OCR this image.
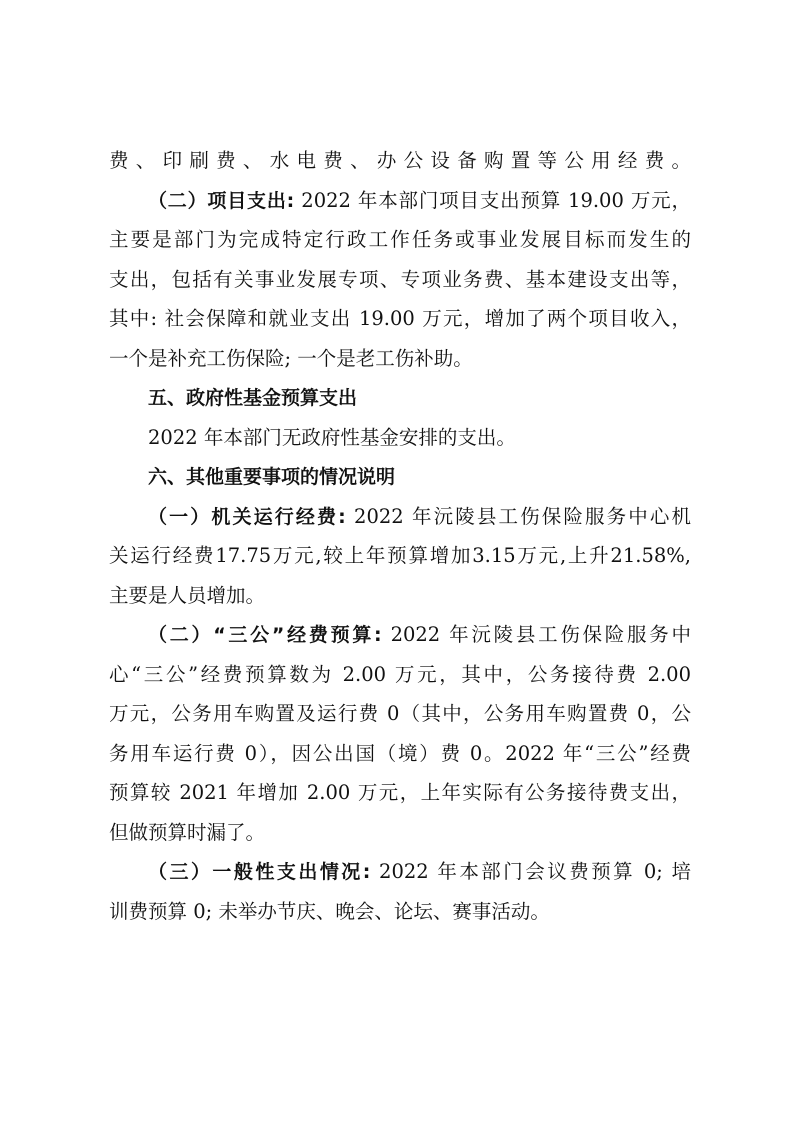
费、印刷费、水电费、办公设备购置等公用经费。
（二）项目支出: 2022 年本部门项目支出预算 19.00 万元，
主要是部门为完成特定行政工作任务或事业发展目标而发生的
支出，包括有关事业发展专项、专项业务费、基本建设支出等，
其中: 社会保障和就业支出 19.00 万元，增加了两个项目收入，
一个是补充工伤保险; 一个是老工伤补助。
五、政府性基金预算支出
2022 年本部门无政府性基金安排的支出。
六、其他重要事项的情况说明
（一）机关运行经费: 2022 年沅陵县工伤保险服务中心机
关运行经费17.75万元,较上年预算增加3.15万元,上升21.58%,
主要是人员增加。
（二）“三公”经费预算: 2022 年沅陵县工伤保险服务中
心“三公”经费预算数为 2.00 万元，其中，公务接待费 2.00
万元，公务用车购置及运行费 0（其中，公务用车购置费 0，公
务用车运行费 0），因公出国（境）费 0。2022 年“三公”经费
预算较 2021 年增加 2.00 万元，上年实际有公务接待费支出，
但做预算时漏了。
（三）一般性支出情况: 2022 年本部门会议费预算 0; 培
训费预算 0; 未举办节庆、晚会、论坛、赛事活动。
